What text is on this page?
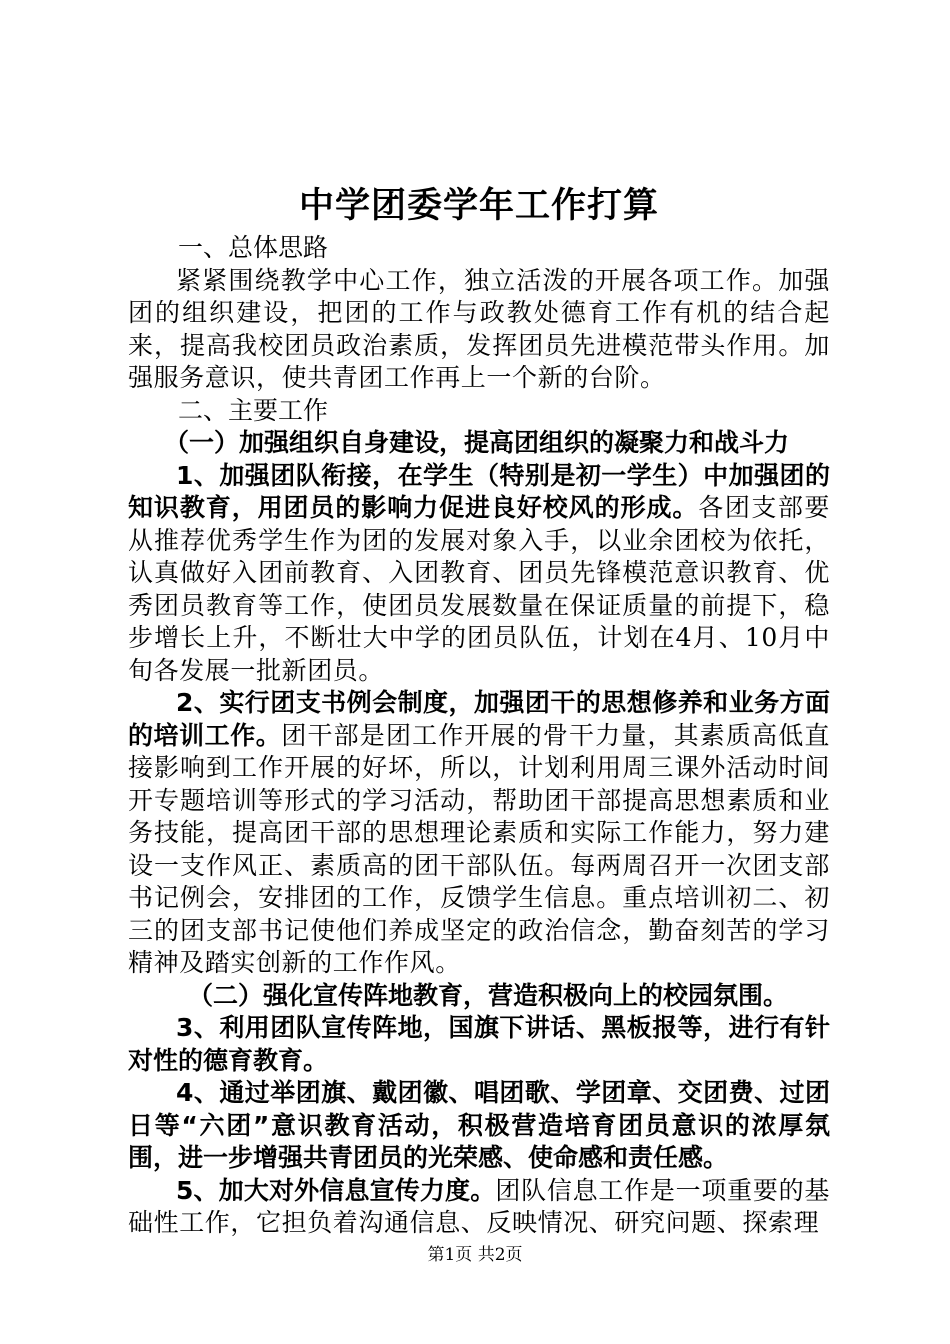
中学团委学年工作打算

一、总体思路

紧紧围绕教学中心工作，独立活泼的开展各项工作。加强团的组织建设，把团的工作与政教处德育工作有机的结合起来，提高我校团员政治素质，发挥团员先进模范带头作用。加强服务意识，使共青团工作再上一个新的台阶。

二、主要工作

（一）加强组织自身建设，提高团组织的凝聚力和战斗力

1、加强团队衔接，在学生（特别是初一学生）中加强团的知识教育，用团员的影响力促进良好校风的形成。各团支部要从推荐优秀学生作为团的发展对象入手，以业余团校为依托，认真做好入团前教育、入团教育、团员先锋模范意识教育、优秀团员教育等工作，使团员发展数量在保证质量的前提下，稳步增长上升，不断壮大中学的团员队伍，计划在4月、10月中旬各发展一批新团员。

2、实行团支书例会制度，加强团干的思想修养和业务方面的培训工作。团干部是团工作开展的骨干力量，其素质高低直接影响到工作开展的好坏，所以，计划利用周三课外活动时间开专题培训等形式的学习活动，帮助团干部提高思想素质和业务技能，提高团干部的思想理论素质和实际工作能力，努力建设一支作风正、素质高的团干部队伍。每两周召开一次团支部书记例会，安排团的工作，反馈学生信息。重点培训初二、初三的团支部书记使他们养成坚定的政治信念，勤奋刻苦的学习精神及踏实创新的工作作风。

（二）强化宣传阵地教育，营造积极向上的校园氛围。

3、利用团队宣传阵地，国旗下讲话、黑板报等，进行有针对性的德育教育。

4、通过举团旗、戴团徽、唱团歌、学团章、交团费、过团日等“六团”意识教育活动，积极营造培育团员意识的浓厚氛围，进一步增强共青团员的光荣感、使命感和责任感。

5、加大对外信息宣传力度。团队信息工作是一项重要的基础性工作，它担负着沟通信息、反映情况、研究问题、探索理

第1页 共2页
